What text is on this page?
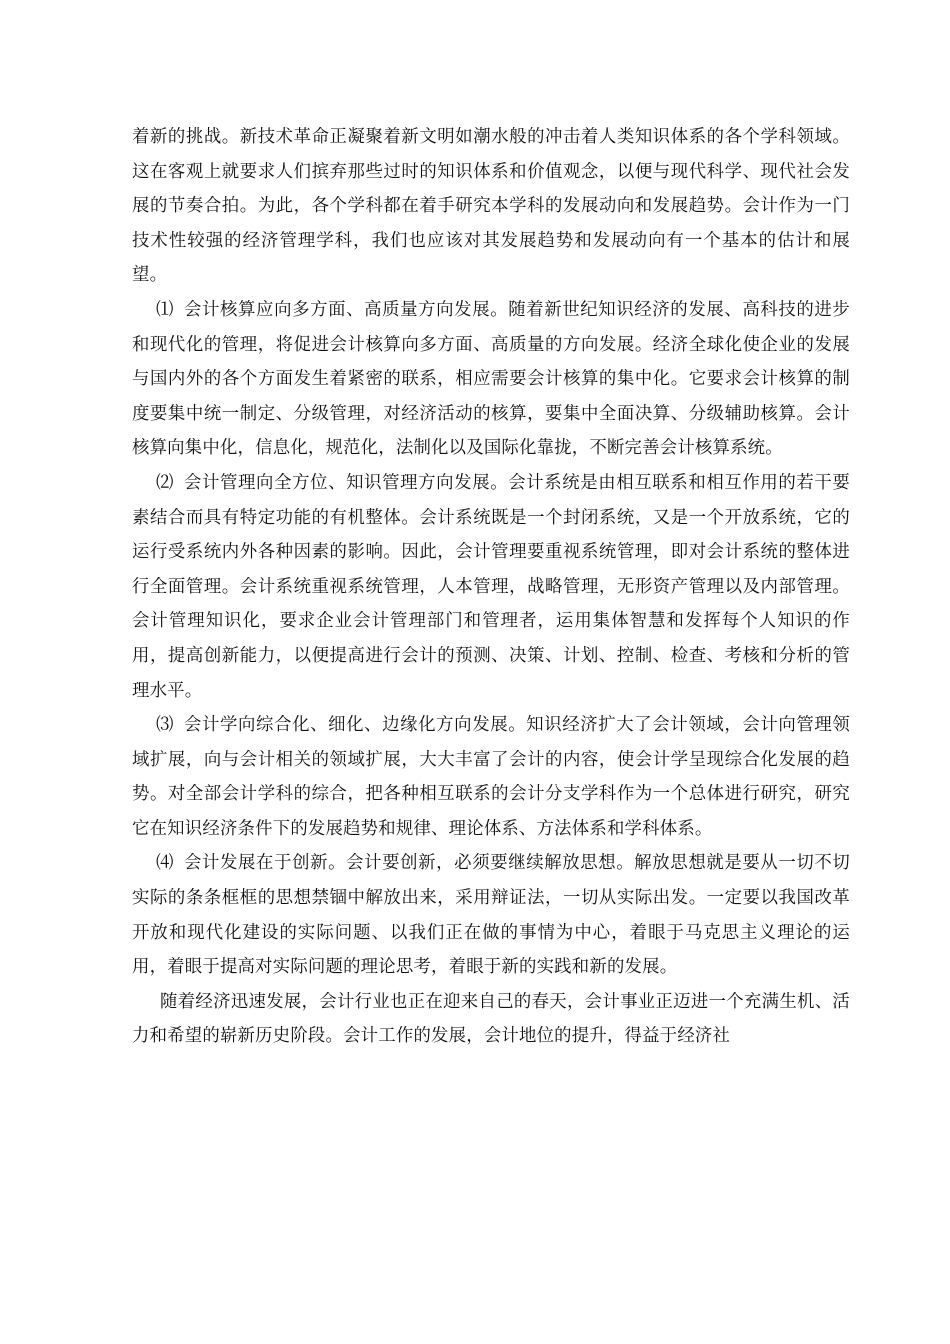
着新的挑战。新技术革命正凝聚着新文明如潮水般的冲击着人类知识体系的各个学科领域。这在客观上就要求人们摈弃那些过时的知识体系和价值观念，以便与现代科学、现代社会发展的节奏合拍。为此，各个学科都在着手研究本学科的发展动向和发展趋势。会计作为一门技术性较强的经济管理学科，我们也应该对其发展趋势和发展动向有一个基本的估计和展望。

⑴ 会计核算应向多方面、高质量方向发展。随着新世纪知识经济的发展、高科技的进步和现代化的管理，将促进会计核算向多方面、高质量的方向发展。经济全球化使企业的发展与国内外的各个方面发生着紧密的联系，相应需要会计核算的集中化。它要求会计核算的制度要集中统一制定、分级管理，对经济活动的核算，要集中全面决算、分级辅助核算。会计核算向集中化，信息化，规范化，法制化以及国际化靠拢，不断完善会计核算系统。

⑵ 会计管理向全方位、知识管理方向发展。会计系统是由相互联系和相互作用的若干要素结合而具有特定功能的有机整体。会计系统既是一个封闭系统，又是一个开放系统，它的运行受系统内外各种因素的影响。因此，会计管理要重视系统管理，即对会计系统的整体进行全面管理。会计系统重视系统管理，人本管理，战略管理，无形资产管理以及内部管理。会计管理知识化，要求企业会计管理部门和管理者，运用集体智慧和发挥每个人知识的作用，提高创新能力，以便提高进行会计的预测、决策、计划、控制、检查、考核和分析的管理水平。

⑶ 会计学向综合化、细化、边缘化方向发展。知识经济扩大了会计领域，会计向管理领域扩展，向与会计相关的领域扩展，大大丰富了会计的内容，使会计学呈现综合化发展的趋势。对全部会计学科的综合，把各种相互联系的会计分支学科作为一个总体进行研究，研究它在知识经济条件下的发展趋势和规律、理论体系、方法体系和学科体系。

⑷ 会计发展在于创新。会计要创新，必须要继续解放思想。解放思想就是要从一切不切实际的条条框框的思想禁锢中解放出来，采用辩证法，一切从实际出发。一定要以我国改革开放和现代化建设的实际问题、以我们正在做的事情为中心，着眼于马克思主义理论的运用，着眼于提高对实际问题的理论思考，着眼于新的实践和新的发展。

随着经济迅速发展，会计行业也正在迎来自己的春天，会计事业正迈进一个充满生机、活力和希望的崭新历史阶段。会计工作的发展，会计地位的提升，得益于经济社
